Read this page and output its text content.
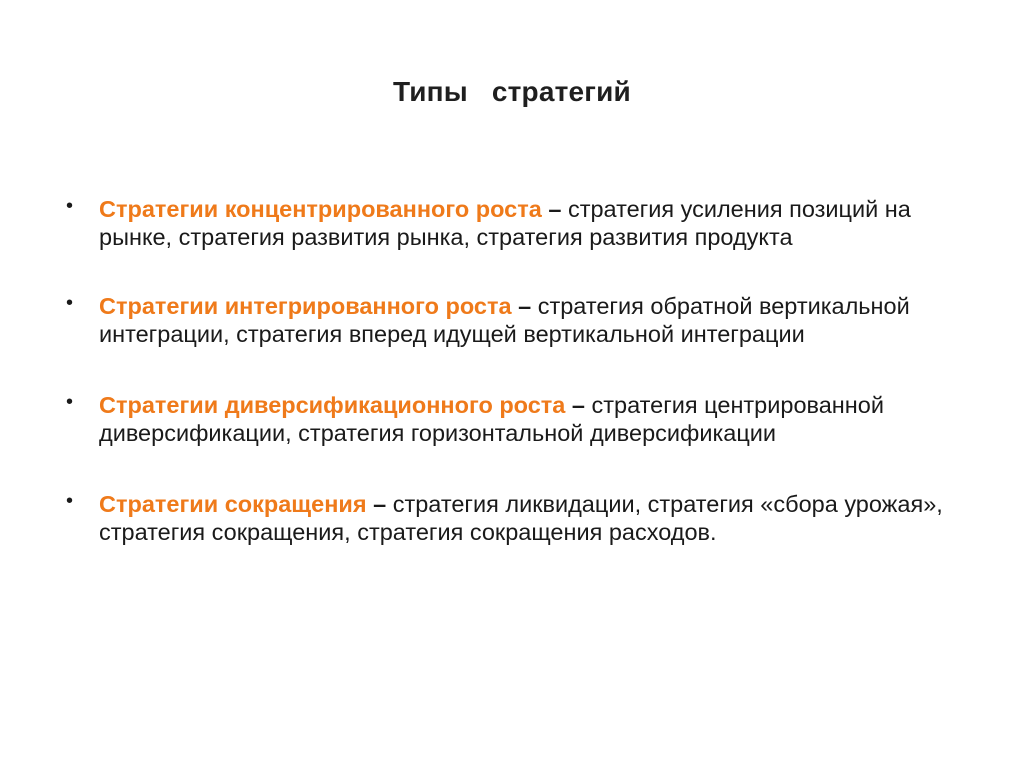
Типы   стратегий
• Стратегии концентрированного роста – стратегия усиления позиций на рынке, стратегия развития рынка, стратегия развития продукта
• Стратегии интегрированного роста – стратегия обратной вертикальной интеграции, стратегия вперед идущей вертикальной интеграции
• Стратегии диверсификационного роста – стратегия центрированной диверсификации, стратегия горизонтальной диверсификации
• Стратегии сокращения – стратегия ликвидации, стратегия «сбора урожая», стратегия сокращения, стратегия сокращения расходов.
